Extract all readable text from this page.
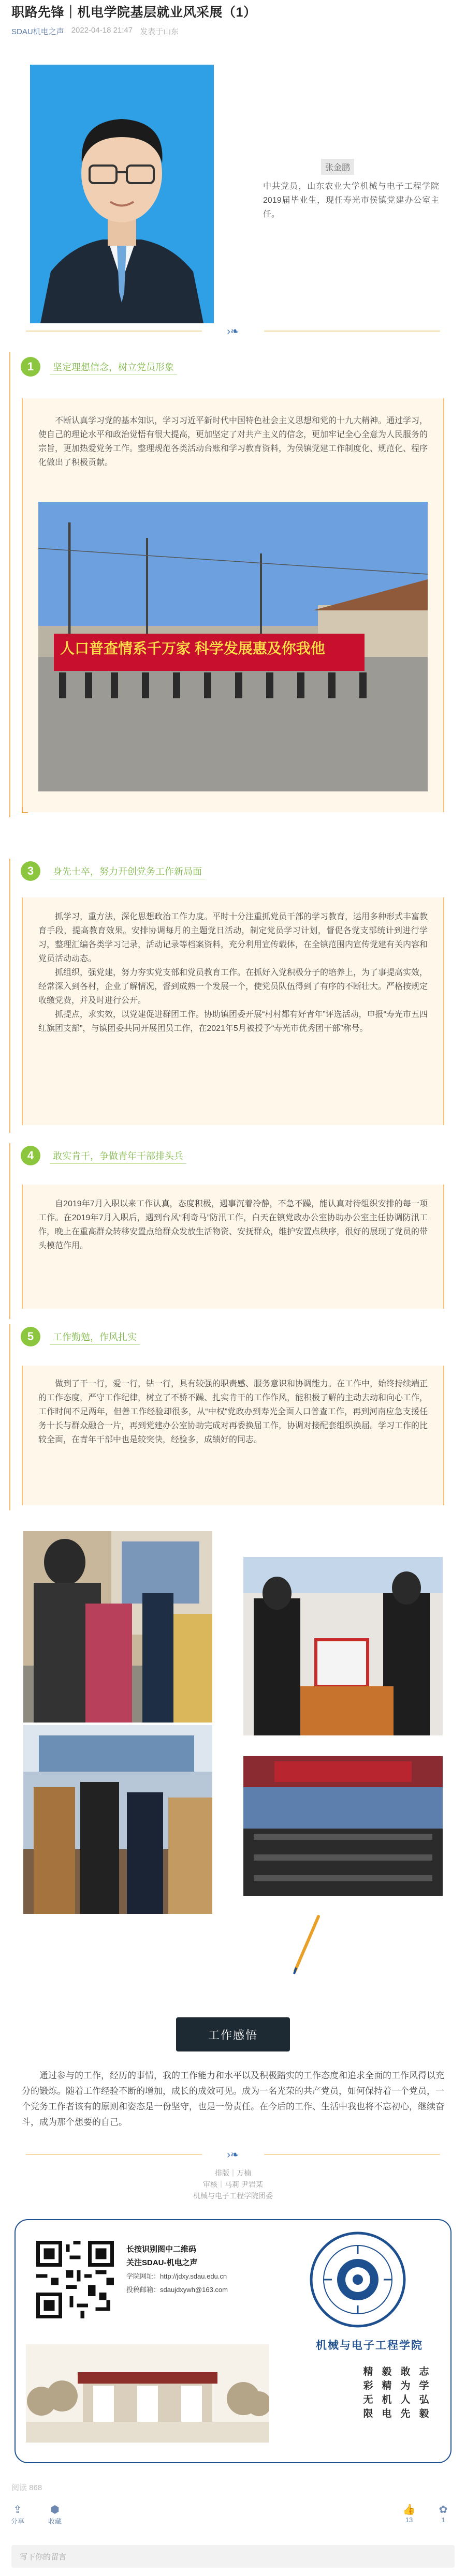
职路先锋｜机电学院基层就业风采展（1）
SDAU机电之声 2022-04-18 21:47 发表于山东
张金鹏
中共党员，山东农业大学机械与电子工程学院2019届毕业生，现任寿光市侯镇党建办公室主任。
›❧
1	坚定理想信念，树立党员形象

不断认真学习党的基本知识，学习习近平新时代中国特色社会主义思想和党的十九大精神。通过学习，使自己的理论水平和政治觉悟有很大提高，更加坚定了对共产主义的信念，更加牢记全心全意为人民服务的宗旨，更加热爱党务工作。整理规范各类活动台账和学习教育资料，为侯镇党建工作制度化、规范化、程序化做出了积极贡献。

人口普查情系千万家 科学发展惠及你我他
3	身先士卒，努力开创党务工作新局面

抓学习，重方法，深化思想政治工作力度。平时十分注重抓党员干部的学习教育，运用多种形式丰富教育手段，提高教育效果。安排协调每月的主题党日活动，制定党员学习计划，督促各党支部统计到进行学习，整理汇编各类学习记录，活动记录等档案资料，充分利用宣传载体，在全镇范围内宣传党建有关内容和党员活动动态。

抓组织，强党建，努力夯实党支部和党员教育工作。在抓好入党积极分子的培养上，为了事提高实效，经常深入到各村，企业了解情况，督到成熟一个发展一个，使党员队伍得到了有序的不断壮大。严格按规定收缴党费，并及时进行公开。

抓提点，求实效，以党建促进群团工作。协助镇团委开展“村村都有好青年”评选活动，申报“寿光市五四红旗团支部”，与镇团委共同开展团员工作，在2021年5月被授予“寿光市优秀团干部”称号。

4	敢实肯干，争做青年干部排头兵

自2019年7月入职以来工作认真，态度积极，遇事沉着冷静，不急不躁，能认真对待组织安排的每一项工作。在2019年7月入职后，遇到台风“利奇马”防汛工作，白天在镇党政办公室协助办公室主任协调防汛工作，晚上在重高群众转移安置点给群众发放生活物资、安抚群众，维护安置点秩序，很好的展现了党员的带头模范作用。

5	工作勤勉，作风扎实

做到了干一行，爱一行，钻一行，具有较强的职责感、服务意识和协调能力。在工作中，始终持续端正的工作态度，严守工作纪律，树立了不骄不躁、扎实肯干的工作作风，能积极了解的主动去动和向心工作，工作时间不足两年，但善工作经验却很多，从“中权”党政办到寿光全面人口普查工作，再到河南应急支援任务十长与群众融合一片，再到党建办公室协助完成对再委换届工作，协调对接配套组织换届。学习工作的比较全面，在青年干部中也是较突快，经验多，成绩好的同志。

工作感悟
通过参与的工作，经历的事情，我的工作能力和水平以及积极踏实的工作态度和追求全面的工作风得以充分的锻炼。随着工作经验不断的增加，成长的成效可见。成为一名光荣的共产党员，如何保持着一个党员，一个党务工作者该有的原则和姿态是一份坚守，也是一份责任。在今后的工作、生活中我也将不忘初心，继续奋斗，成为那个想要的自己。
›❧
排版｜万楠
审核｜马莉 尹岩某
机械与电子工程学院团委
长按识别图中二维码
关注SDAU-机电之声
学院网址：http://jdxy.sdau.edu.cn
投稿邮箱：sdaujdxywh@163.com
机械与电子工程学院
志学弘毅
敢为人先
毅精机电
精彩无限
阅读 868
⇪
分享
⬢
收藏
👍
13
✿
1
写下你的留言
